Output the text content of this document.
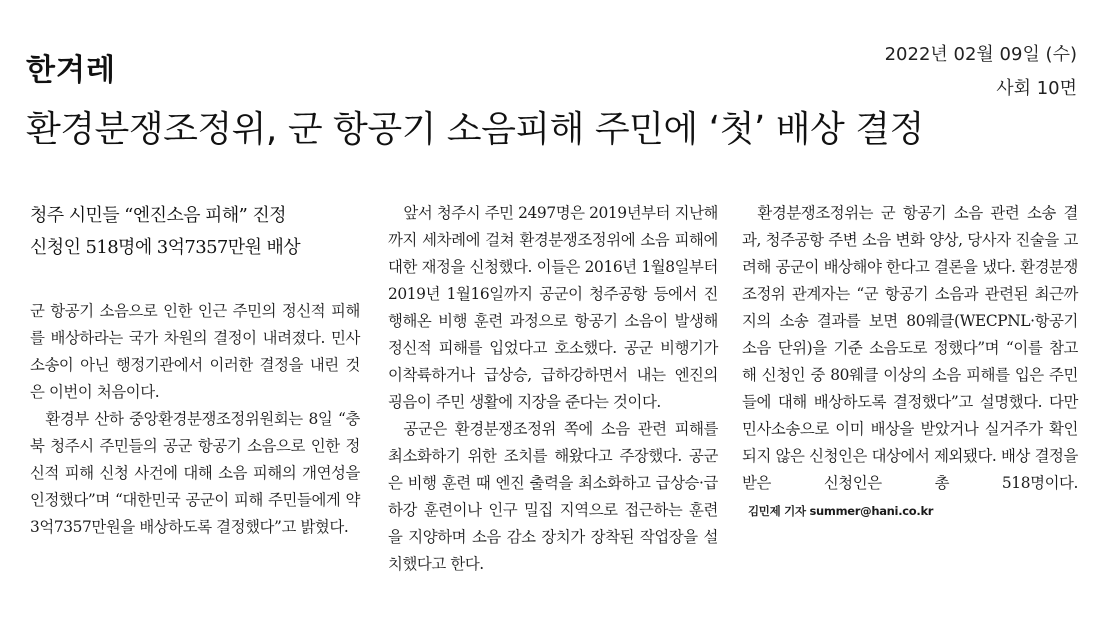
한겨레	2022년 02월 09일 (수)
사회 10면
환경분쟁조정위, 군 항공기 소음피해 주민에 ‘첫’ 배상 결정
청주 시민들 “엔진소음 피해” 진정
신청인 518명에 3억7357만원 배상

군 항공기 소음으로 인한 인근 주민의 정신적 피해를 배상하라는 국가 차원의 결정이 내려졌다. 민사소송이 아닌 행정기관에서 이러한 결정을 내린 것은 이번이 처음이다.

환경부 산하 중앙환경분쟁조정위원회는 8일 “충북 청주시 주민들의 공군 항공기 소음으로 인한 정신적 피해 신청 사건에 대해 소음 피해의 개연성을 인정했다”며 “대한민국 공군이 피해 주민들에게 약 3억7357만원을 배상하도록 결정했다”고 밝혔다.

앞서 청주시 주민 2497명은 2019년부터 지난해까지 세차례에 걸쳐 환경분쟁조정위에 소음 피해에 대한 재정을 신청했다. 이들은 2016년 1월8일부터 2019년 1월16일까지 공군이 청주공항 등에서 진행해온 비행 훈련 과정으로 항공기 소음이 발생해 정신적 피해를 입었다고 호소했다. 공군 비행기가 이착륙하거나 급상승, 급하강하면서 내는 엔진의 굉음이 주민 생활에 지장을 준다는 것이다.

공군은 환경분쟁조정위 쪽에 소음 관련 피해를 최소화하기 위한 조치를 해왔다고 주장했다. 공군은 비행 훈련 때 엔진 출력을 최소화하고 급상승·급하강 훈련이나 인구 밀집 지역으로 접근하는 훈련을 지양하며 소음 감소 장치가 장착된 작업장을 설치했다고 한다.

환경분쟁조정위는 군 항공기 소음 관련 소송 결과, 청주공항 주변 소음 변화 양상, 당사자 진술을 고려해 공군이 배상해야 한다고 결론을 냈다. 환경분쟁조정위 관계자는 “군 항공기 소음과 관련된 최근까지의 소송 결과를 보면 80웨클(WECPNL·항공기 소음 단위)을 기준 소음도로 정했다”며 “이를 참고해 신청인 중 80웨클 이상의 소음 피해를 입은 주민들에 대해 배상하도록 결정했다”고 설명했다. 다만 민사소송으로 이미 배상을 받았거나 실거주가 확인되지 않은 신청인은 대상에서 제외됐다. 배상 결정을 받은 신청인은 총 518명이다.김민제 기자 summer@hani.co.kr
